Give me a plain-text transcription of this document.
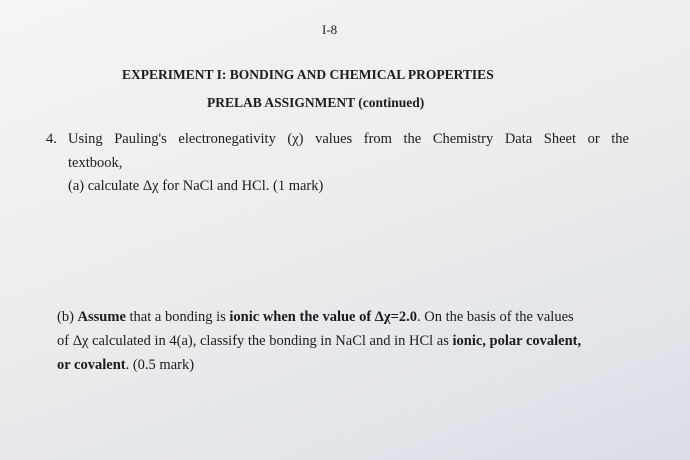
I-8
EXPERIMENT I: BONDING AND CHEMICAL PROPERTIES
PRELAB ASSIGNMENT (continued)
4. Using Pauling's electronegativity (χ) values from the Chemistry Data Sheet or the
textbook,
(a) calculate Δχ for NaCl and HCl. (1 mark)
(b) Assume that a bonding is ionic when the value of Δχ=2.0. On the basis of the values
of Δχ calculated in 4(a), classify the bonding in NaCl and in HCl as ionic, polar covalent,
or covalent. (0.5 mark)
